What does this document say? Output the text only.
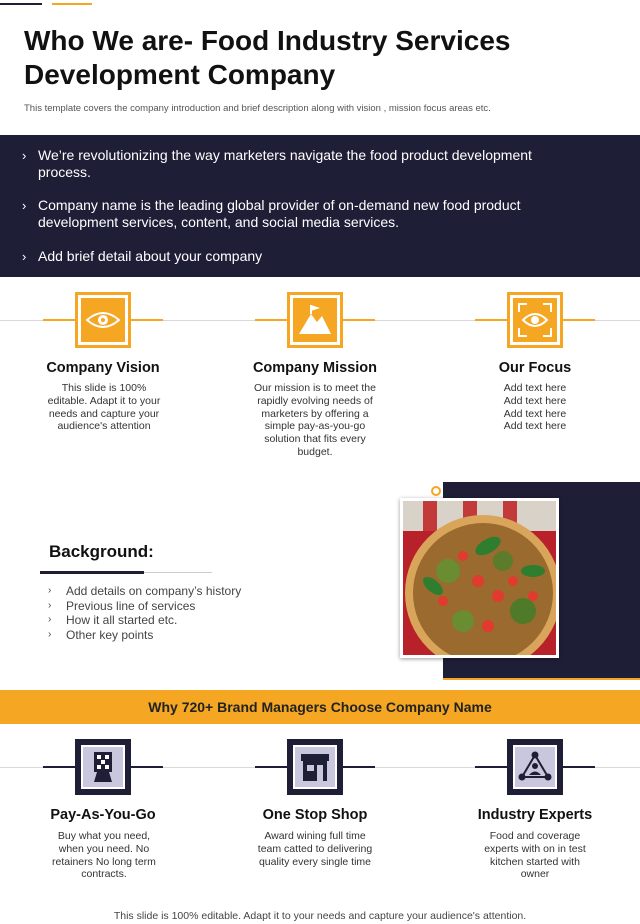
Who We are- Food Industry Services Development Company
This template covers the company introduction and brief description along with vision , mission focus areas etc.
› We’re revolutionizing the way marketers navigate the food product development process.
› Company name is the leading global provider of on-demand new food product development services, content, and social media services.
› Add brief detail about your company
Company Vision	Company Mission	Our Focus
This slide is 100% editable. Adapt it to your needs and capture your audience's attention
Our mission is to meet the rapidly evolving needs of marketers by offering a simple pay-as-you-go solution that fits every budget.
Add text here
Add text here
Add text here
Add text here
Background:
›	Add details on company’s history
›	Previous line of services
›	How it all started etc.
›	Other key points
Why 720+ Brand Managers Choose Company Name
Pay-As-You-Go	One Stop Shop	Industry Experts
Buy what you need, when you need. No retainers No long term contracts.
Award wining full time team catted to delivering quality every single time
Food and coverage experts with on in test kitchen started with owner
This slide is 100% editable. Adapt it to your needs and capture your audience's attention.
